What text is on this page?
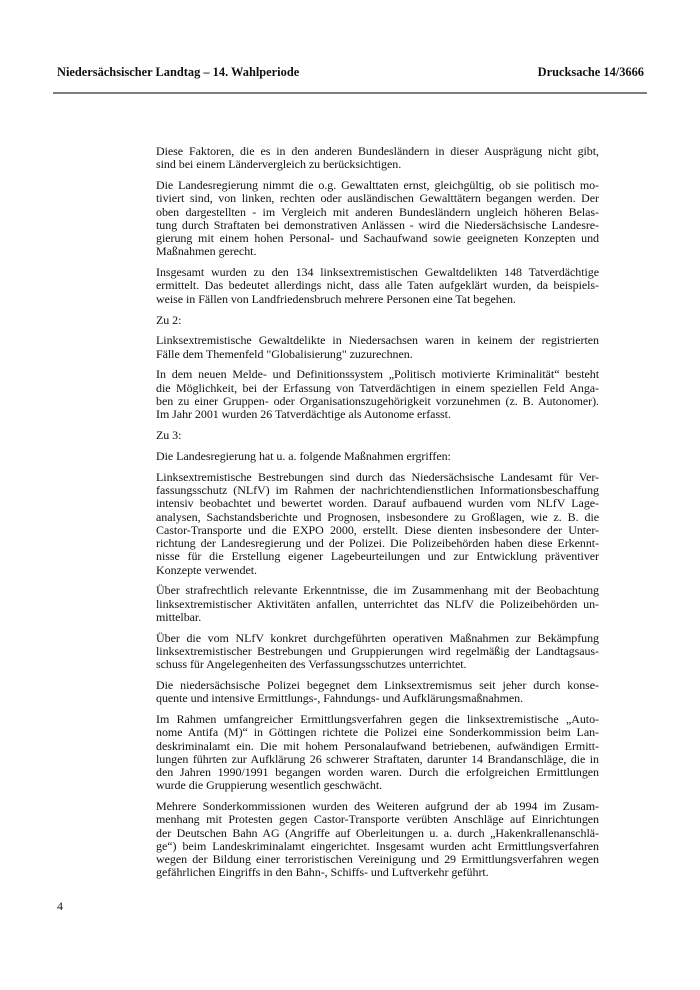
Niedersächsischer Landtag – 14. Wahlperiode	Drucksache 14/3666
Diese Faktoren, die es in den anderen Bundesländern in dieser Ausprägung nicht gibt,
sind bei einem Ländervergleich zu berücksichtigen.
Die Landesregierung nimmt die o.g. Gewalttaten ernst, gleichgültig, ob sie politisch mo-
tiviert sind, von linken, rechten oder ausländischen Gewalttätern begangen werden. Der
oben dargestellten - im Vergleich mit anderen Bundesländern ungleich höheren Belas-
tung durch Straftaten bei demonstrativen Anlässen - wird die Niedersächsische Landesre-
gierung mit einem hohen Personal- und Sachaufwand sowie geeigneten Konzepten und
Maßnahmen gerecht.
Insgesamt wurden zu den 134 linksextremistischen Gewaltdelikten 148 Tatverdächtige
ermittelt. Das bedeutet allerdings nicht, dass alle Taten aufgeklärt wurden, da beispiels-
weise in Fällen von Landfriedensbruch mehrere Personen eine Tat begehen.
Zu 2:
Linksextremistische Gewaltdelikte in Niedersachsen waren in keinem der registrierten
Fälle dem Themenfeld "Globalisierung" zuzurechnen.
In dem neuen Melde- und Definitionssystem „Politisch motivierte Kriminalität“ besteht
die Möglichkeit, bei der Erfassung von Tatverdächtigen in einem speziellen Feld Anga-
ben zu einer Gruppen- oder Organisationszugehörigkeit vorzunehmen (z. B. Autonomer).
Im Jahr 2001 wurden 26 Tatverdächtige als Autonome erfasst.
Zu 3:
Die Landesregierung hat u. a. folgende Maßnahmen ergriffen:
Linksextremistische Bestrebungen sind durch das Niedersächsische Landesamt für Ver-
fassungsschutz (NLfV) im Rahmen der nachrichtendienstlichen Informationsbeschaffung
intensiv beobachtet und bewertet worden. Darauf aufbauend wurden vom NLfV Lage-
analysen, Sachstandsberichte und Prognosen, insbesondere zu Großlagen, wie z. B. die
Castor-Transporte und die EXPO 2000, erstellt. Diese dienten insbesondere der Unter-
richtung der Landesregierung und der Polizei. Die Polizeibehörden haben diese Erkennt-
nisse für die Erstellung eigener Lagebeurteilungen und zur Entwicklung präventiver
Konzepte verwendet.
Über strafrechtlich relevante Erkenntnisse, die im Zusammenhang mit der Beobachtung
linksextremistischer Aktivitäten anfallen, unterrichtet das NLfV die Polizeibehörden un-
mittelbar.
Über die vom NLfV konkret durchgeführten operativen Maßnahmen zur Bekämpfung
linksextremistischer Bestrebungen und Gruppierungen wird regelmäßig der Landtagsaus-
schuss für Angelegenheiten des Verfassungsschutzes unterrichtet.
Die niedersächsische Polizei begegnet dem Linksextremismus seit jeher durch konse-
quente und intensive Ermittlungs-, Fahndungs- und Aufklärungsmaßnahmen.
Im Rahmen umfangreicher Ermittlungsverfahren gegen die linksextremistische „Auto-
nome Antifa (M)“ in Göttingen richtete die Polizei eine Sonderkommission beim Lan-
deskriminalamt ein. Die mit hohem Personalaufwand betriebenen, aufwändigen Ermitt-
lungen führten zur Aufklärung 26 schwerer Straftaten, darunter 14 Brandanschläge, die in
den Jahren 1990/1991 begangen worden waren. Durch die erfolgreichen Ermittlungen
wurde die Gruppierung wesentlich geschwächt.
Mehrere Sonderkommissionen wurden des Weiteren aufgrund der ab 1994 im Zusam-
menhang mit Protesten gegen Castor-Transporte verübten Anschläge auf Einrichtungen
der Deutschen Bahn AG (Angriffe auf Oberleitungen u. a. durch „Hakenkrallenanschlä-
ge“) beim Landeskriminalamt eingerichtet. Insgesamt wurden acht Ermittlungsverfahren
wegen der Bildung einer terroristischen Vereinigung und 29 Ermittlungsverfahren wegen
gefährlichen Eingriffs in den Bahn-, Schiffs- und Luftverkehr geführt.
4
